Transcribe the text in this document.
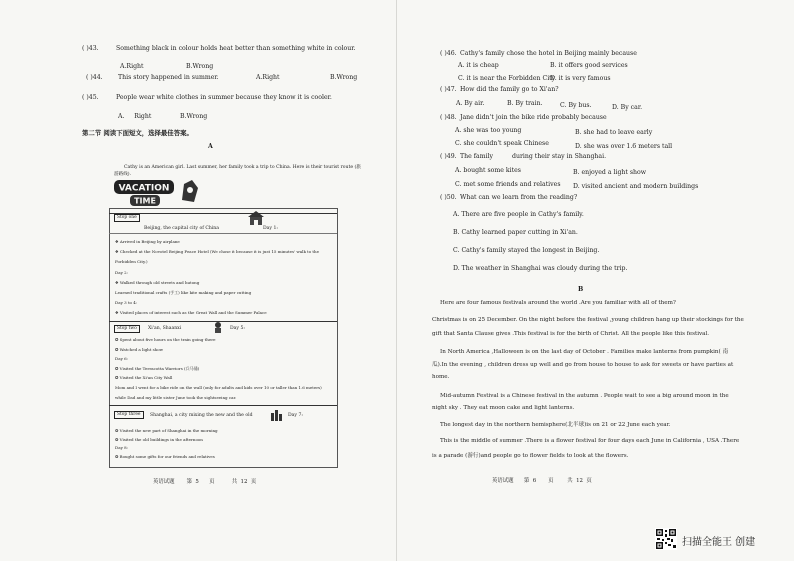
( )43.	Something black in colour holds heat better than something white in colour.
A.Right	B.Wrong
( )44. This story happened in summer.	A.Right	B.Wrong
( )45.	People wear white clothes in summer because they know it is cooler.
A. Right	B.Wrong
第二节 阅读下面短文，选择最佳答案。
A
Cathy is an American girl. Last summer, her family took a trip to China. Here is their tourist route (旅
游路线).
VACATION
TIME
Stop one
Beijing, the capital city of China	Day 1:
❖ Arrived in Beijing by airplane
❖ Checked at the Novotel Beijing Peace Hotel (We chose it because it is just 15 minutes' walk to the
Forbidden City.)
Day 2:
❖ Walked through old streets and hutong
Learned traditional crafts (手工) like kite making and paper cutting
Day 3 to 4:
❖ Visited places of interest such as the Great Wall and the Summer Palace
Stop two	Xi'an, Shaanxi	Day 5:
✪ Spent about five hours on the train going there
✪ Watched a light show
Day 6:
✪ Visited the Terracotta Warriors (兵马俑)
✪ Visited the Xi'an City Wall
Mom and I went for a bike ride on the wall (only for adults and kids over 10 or taller than 1.6 meters)
while Dad and my little sister June took the sightseeing car.
Stop three	Shanghai, a city mixing the new and the old	Day 7:
❂ Visited the new part of Shanghai in the morning
❂ Visited the old buildings in the afternoon
Day 8:
❂ Bought some gifts for our friends and relatives
英语试题 第 5 页	共 12 页
( )46. Cathy's family chose the hotel in Beijing mainly because
A. it is cheap	B. it offers good services
C. it is near the Forbidden City
D. it is very famous
( )47. How did the family go to Xi'an?
A. By air.	B. By train.	C. By bus.	D. By car.
( )48. Jane didn't join the bike ride probably because
A. she was too young	B. she had to leave early
C. she couldn't speak Chinese	D. she was over 1.6 meters tall
( )49. The family	during their stay in Shanghai.
A. bought some kites	B. enjoyed a light show
C. met some friends and relatives D. visited ancient and modern buildings
( )50. What can we learn from the reading?
A. There are five people in Cathy's family.
B. Cathy learned paper cutting in Xi'an.
C. Cathy's family stayed the longest in Beijing.
D. The weather in Shanghai was cloudy during the trip.
B
Here are four famous festivals around the world .Are you familiar with all of them?
Christmas is on 25 December. On the night before the festival ,young children hang up their stockings for the
gift that Santa Clause gives .This festival is for the birth of Christ. All the people like this festival.
In North America ,Halloween is on the last day of October . Families make lanterns from pumpkin( 南
瓜).In the evening , children dress up well and go from house to house to ask for sweets or have parties at
home.
Mid-autumn Festival is a Chinese festival in the autumn . People wait to see a big around moon in the
night sky . They eat moon cake and light lanterns.
The longest day in the northern hemisphere(北半球)is on 21 or 22 June each year.
This is the middle of summer .There is a flower festival for four days each June in California , USA .There
is a parade (游行)and people go to flower fields to look at the flowers.
英语试题 第 6 页	共 12 页
扫描全能王 创建
